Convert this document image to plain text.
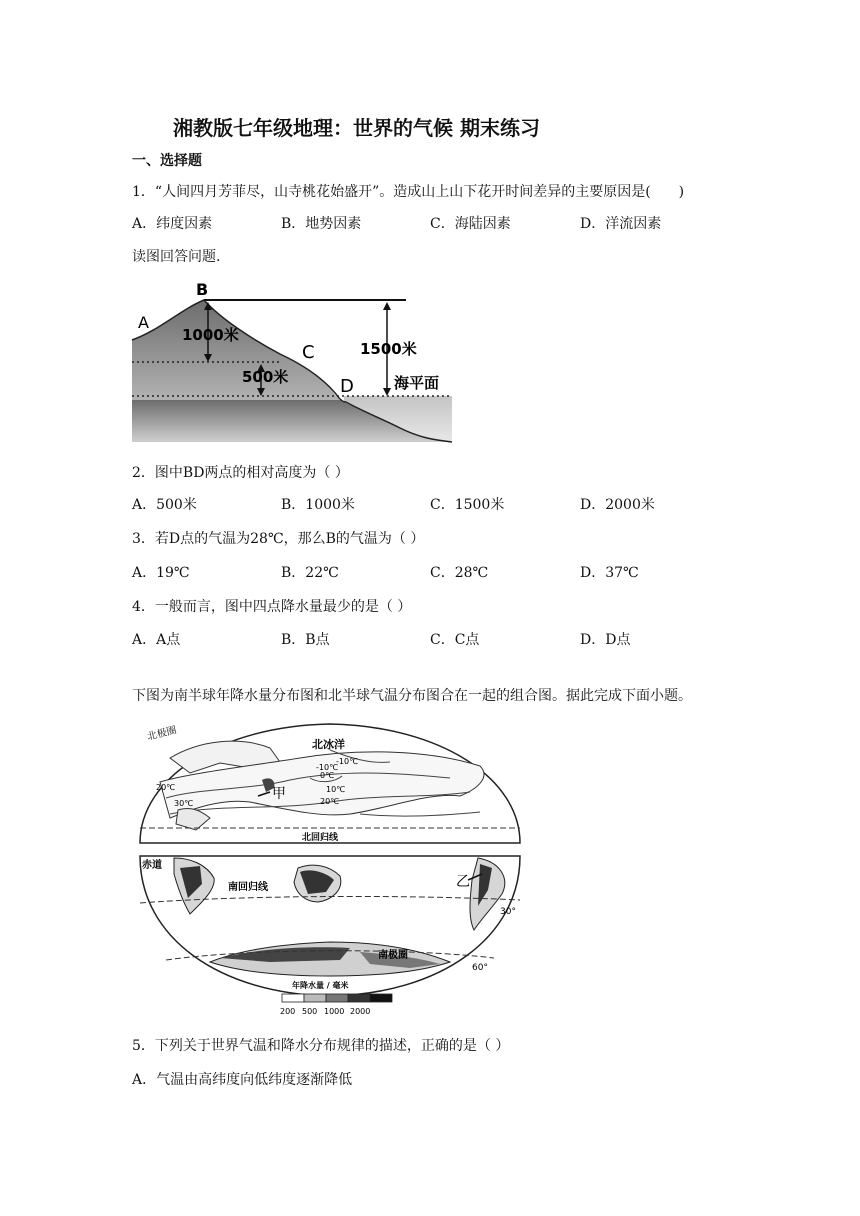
湘教版七年级地理：世界的气候 期末练习
一、选择题
1．“人间四月芳菲尽，山寺桃花始盛开”。造成山上山下花开时间差异的主要原因是(　　)
A．纬度因素	B．地势因素	C．海陆因素	D．洋流因素
读图回答问题.
A
B
C
D
1000米
500米
1500米
海平面
2．图中BD两点的相对高度为（ ）
A．500米	B．1000米	C．1500米	D．2000米
3．若D点的气温为28℃，那么B的气温为（ ）
A．19℃	B．22℃	C．28℃	D．37℃
4．一般而言，图中四点降水量最少的是（ ）
A．A点	B．B点	C．C点	D．D点
下图为南半球年降水量分布图和北半球气温分布图合在一起的组合图。据此完成下面小题。
北极圈
北冰洋
-10℃
-10℃
0℃
10℃
20℃
20℃
30℃
甲
北回归线
赤道
南回归线	乙
30°
南极圈
60°
年降水量 / 毫米
200 500 1000 2000
5．下列关于世界气温和降水分布规律的描述，正确的是（ ）
A．气温由高纬度向低纬度逐渐降低
